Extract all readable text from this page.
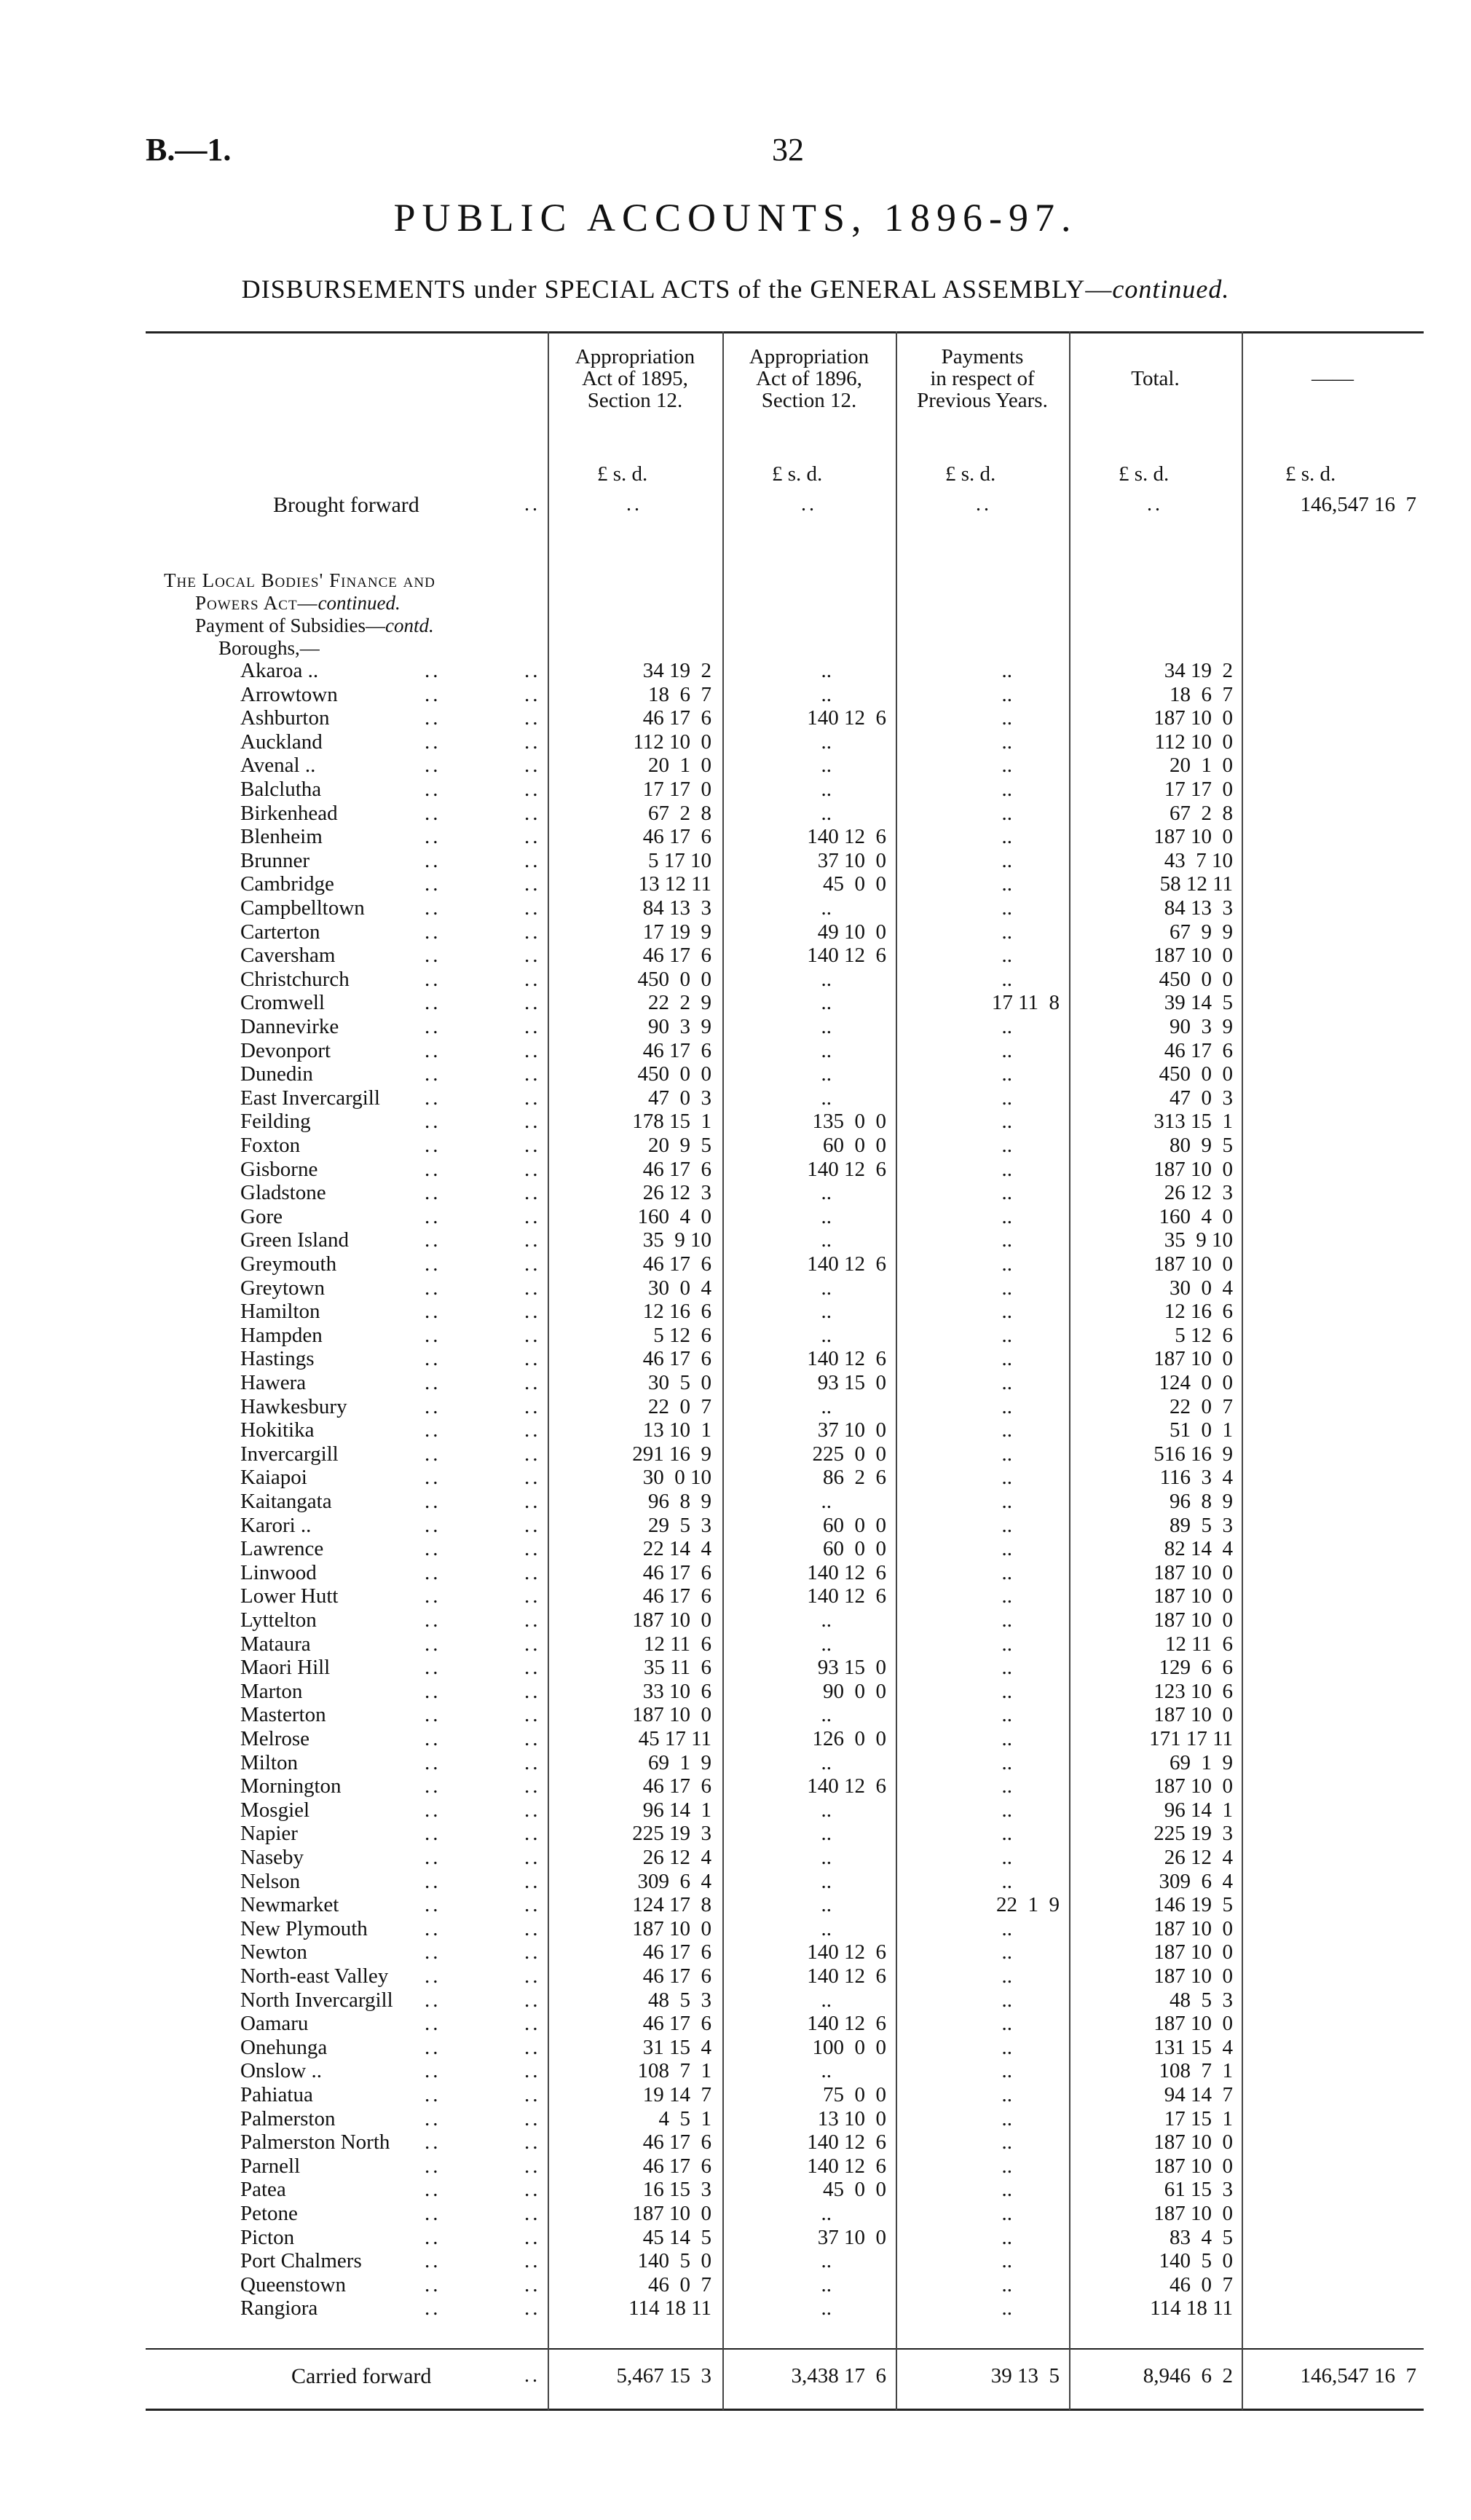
B.—1.	32
PUBLIC ACCOUNTS, 1896-97.
DISBURSEMENTS under SPECIAL ACTS of the GENERAL ASSEMBLY—continued.
Appropriation
Act of 1895,
Section 12.
Appropriation
Act of 1896,
Section 12.
Payments
in respect of
Previous Years.
Total.	——
£ s. d.	£ s. d.	£ s. d.	£ s. d.	£ s. d.
Brought forward	..	..	..	..	..	146,547 16  7
The Local Bodies' Finance and
Powers Act—continued.
Payment of Subsidies—contd.
Boroughs,—
Akaroa ..	..	..	34 19  2	..	..	34 19  2
Arrowtown	..	..	18  6  7	..	..	18  6  7
Ashburton	..	..	46 17  6	140 12  6	..	187 10  0
Auckland	..	..	112 10  0	..	..	112 10  0
Avenal ..	..	..	20  1  0	..	..	20  1  0
Balclutha	..	..	17 17  0	..	..	17 17  0
Birkenhead	..	..	67  2  8	..	..	67  2  8
Blenheim	..	..	46 17  6	140 12  6	..	187 10  0
Brunner	..	..	5 17 10	37 10  0	..	43  7 10
Cambridge	..	..	13 12 11	45  0  0	..	58 12 11
Campbelltown	..	..	84 13  3	..	..	84 13  3
Carterton	..	..	17 19  9	49 10  0	..	67  9  9
Caversham	..	..	46 17  6	140 12  6	..	187 10  0
Christchurch	..	..	450  0  0	..	..	450  0  0
Cromwell	..	..	22  2  9	..	17 11  8	39 14  5
Dannevirke	..	..	90  3  9	..	..	90  3  9
Devonport	..	..	46 17  6	..	..	46 17  6
Dunedin	..	..	450  0  0	..	..	450  0  0
East Invercargill ..	..	47  0  3	..	..	47  0  3
Feilding	..	..	178 15  1	135  0  0	..	313 15  1
Foxton	..	..	20  9  5	60  0  0	..	80  9  5
Gisborne	..	..	46 17  6	140 12  6	..	187 10  0
Gladstone	..	..	26 12  3	..	..	26 12  3
Gore	..	..	160  4  0	..	..	160  4  0
Green Island	..	..	35  9 10	..	..	35  9 10
Greymouth	..	..	46 17  6	140 12  6	..	187 10  0
Greytown	..	..	30  0  4	..	..	30  0  4
Hamilton	..	..	12 16  6	..	..	12 16  6
Hampden	..	..	5 12  6	..	..	5 12  6
Hastings	..	..	46 17  6	140 12  6	..	187 10  0
Hawera	..	..	30  5  0	93 15  0	..	124  0  0
Hawkesbury	..	..	22  0  7	..	..	22  0  7
Hokitika	..	..	13 10  1	37 10  0	..	51  0  1
Invercargill	..	..	291 16  9	225  0  0	..	516 16  9
Kaiapoi	..	..	30  0 10	86  2  6	..	116  3  4
Kaitangata	..	..	96  8  9	..	..	96  8  9
Karori ..	..	..	29  5  3	60  0  0	..	89  5  3
Lawrence	..	..	22 14  4	60  0  0	..	82 14  4
Linwood	..	..	46 17  6	140 12  6	..	187 10  0
Lower Hutt	..	..	46 17  6	140 12  6	..	187 10  0
Lyttelton	..	..	187 10  0	..	..	187 10  0
Mataura	..	..	12 11  6	..	..	12 11  6
Maori Hill	..	..	35 11  6	93 15  0	..	129  6  6
Marton	..	..	33 10  6	90  0  0	..	123 10  6
Masterton	..	..	187 10  0	..	..	187 10  0
Melrose	..	..	45 17 11	126  0  0	..	171 17 11
Milton	..	..	69  1  9	..	..	69  1  9
Mornington	..	..	46 17  6	140 12  6	..	187 10  0
Mosgiel	..	..	96 14  1	..	..	96 14  1
Napier	..	..	225 19  3	..	..	225 19  3
Naseby	..	..	26 12  4	..	..	26 12  4
Nelson	..	..	309  6  4	..	..	309  6  4
Newmarket	..	..	124 17  8	..	22  1  9	146 19  5
New Plymouth	..	..	187 10  0	..	..	187 10  0
Newton	..	..	46 17  6	140 12  6	..	187 10  0
North-east Valley ..	..	46 17  6	140 12  6	..	187 10  0
North Invercargill ..	..	48  5  3	..	..	48  5  3
Oamaru	..	..	46 17  6	140 12  6	..	187 10  0
Onehunga	..	..	31 15  4	100  0  0	..	131 15  4
Onslow ..	..	..	108  7  1	..	..	108  7  1
Pahiatua	..	..	19 14  7	75  0  0	..	94 14  7
Palmerston	..	..	4  5  1	13 10  0	..	17 15  1
Palmerston North ..	..	46 17  6	140 12  6	..	187 10  0
Parnell	..	..	46 17  6	140 12  6	..	187 10  0
Patea	..	..	16 15  3	45  0  0	..	61 15  3
Petone	..	..	187 10  0	..	..	187 10  0
Picton	..	..	45 14  5	37 10  0	..	83  4  5
Port Chalmers	..	..	140  5  0	..	..	140  5  0
Queenstown	..	..	46  0  7	..	..	46  0  7
Rangiora	..	..	114 18 11	..	..	114 18 11
Carried forward	..	5,467 15  3	3,438 17  6	39 13  5	8,946  6  2	146,547 16  7
